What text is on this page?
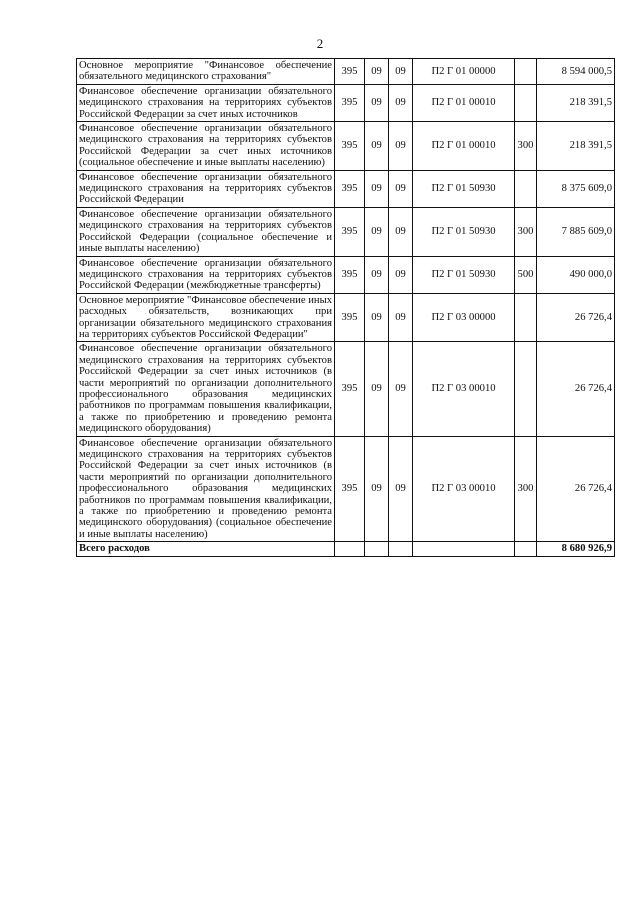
2
Основное мероприятие "Финансовое обеспечение обязательного медицинского страхования"	395	09	09	П2 Г 01 00000		8 594 000,5
Финансовое обеспечение организации обязательного медицинского страхования на территориях субъектов Российской Федерации за счет иных источников	395	09	09	П2 Г 01 00010		218 391,5
Финансовое обеспечение организации обязательного медицинского страхования на территориях субъектов Российской Федерации за счет иных источников (социальное обеспечение и иные выплаты населению)	395	09	09	П2 Г 01 00010	300	218 391,5
Финансовое обеспечение организации обязательного медицинского страхования на территориях субъектов Российской Федерации	395	09	09	П2 Г 01 50930		8 375 609,0
Финансовое обеспечение организации обязательного медицинского страхования на территориях субъектов Российской Федерации (социальное обеспечение и иные выплаты населению)	395	09	09	П2 Г 01 50930	300	7 885 609,0
Финансовое обеспечение организации обязательного медицинского страхования на территориях субъектов Российской Федерации (межбюджетные трансферты)	395	09	09	П2 Г 01 50930	500	490 000,0
Основное мероприятие "Финансовое обеспечение иных расходных обязательств, возникающих при организации обязательного медицинского страхования на территориях субъектов Российской Федерации"	395	09	09	П2 Г 03 00000		26 726,4
Финансовое обеспечение организации обязательного медицинского страхования на территориях субъектов Российской Федерации за счет иных источников (в части мероприятий по организации дополнительного профессионального образования медицинских работников по программам повышения квалификации, а также по приобретению и проведению ремонта медицинского оборудования)	395	09	09	П2 Г 03 00010		26 726,4
Финансовое обеспечение организации обязательного медицинского страхования на территориях субъектов Российской Федерации за счет иных источников (в части мероприятий по организации дополнительного профессионального образования медицинских работников по программам повышения квалификации, а также по приобретению и проведению ремонта медицинского оборудования) (социальное обеспечение и иные выплаты населению)	395	09	09	П2 Г 03 00010	300	26 726,4
Всего расходов						8 680 926,9
